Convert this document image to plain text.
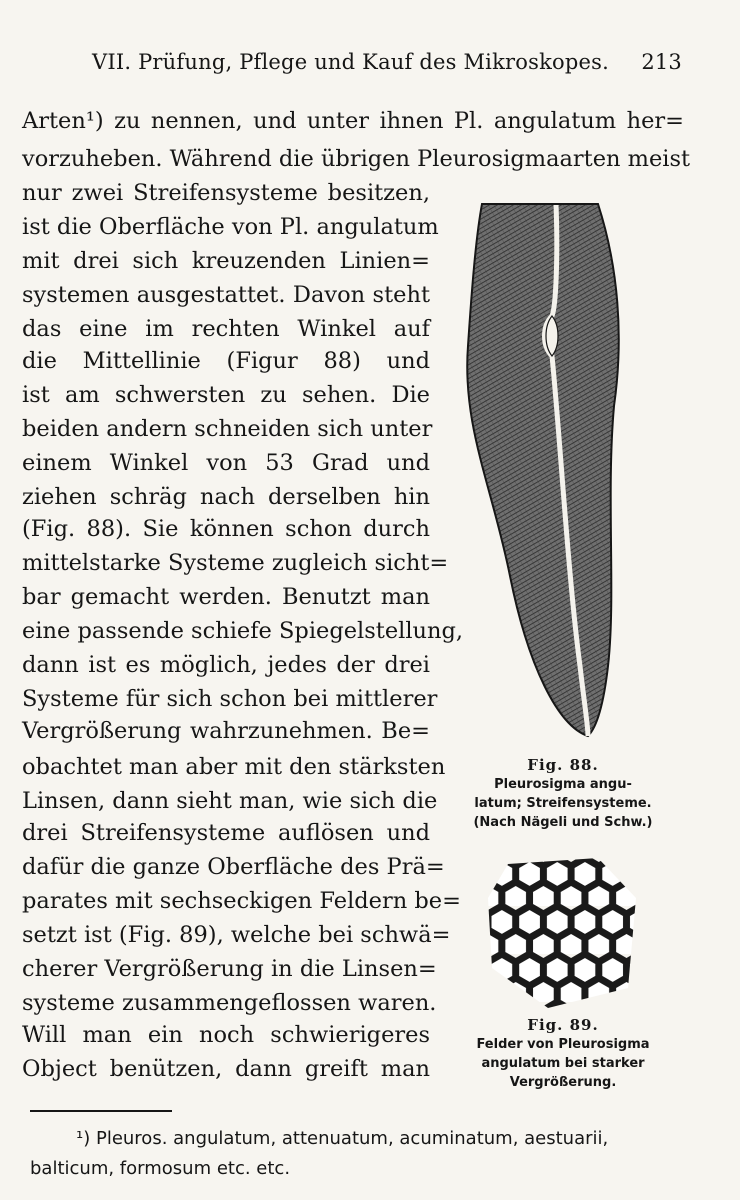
VII. Prüfung, Pflege und Kauf des Mikroskopes. 213
Arten¹) zu nennen, und unter ihnen Pl. angulatum her=
vorzuheben. Während die übrigen Pleurosigmaarten meist
nur zwei Streifensysteme besitzen,
ist die Oberfläche von Pl. angulatum
mit drei sich kreuzenden Linien=
systemen ausgestattet. Davon steht
das eine im rechten Winkel auf
die Mittellinie (Figur 88) und
ist am schwersten zu sehen. Die
beiden andern schneiden sich unter
einem Winkel von 53 Grad und
ziehen schräg nach derselben hin
(Fig. 88). Sie können schon durch
mittelstarke Systeme zugleich sicht=
bar gemacht werden. Benutzt man
eine passende schiefe Spiegelstellung,
dann ist es möglich, jedes der drei
Systeme für sich schon bei mittlerer
Vergrößerung wahrzunehmen. Be=
obachtet man aber mit den stärksten
Linsen, dann sieht man, wie sich die
drei Streifensysteme auflösen und
dafür die ganze Oberfläche des Prä=
parates mit sechseckigen Feldern be=
setzt ist (Fig. 89), welche bei schwä=
cherer Vergrößerung in die Linsen=
systeme zusammengeflossen waren.
Will man ein noch schwierigeres
Object benützen, dann greift man
Fig. 88.
Pleurosigma angu-
latum; Streifensysteme.
(Nach Nägeli und Schw.)
Fig. 89.
Felder von Pleurosigma
angulatum bei starker
Vergrößerung.
¹) Pleuros. angulatum, attenuatum, acuminatum, aestuarii,
balticum, formosum etc. etc.
